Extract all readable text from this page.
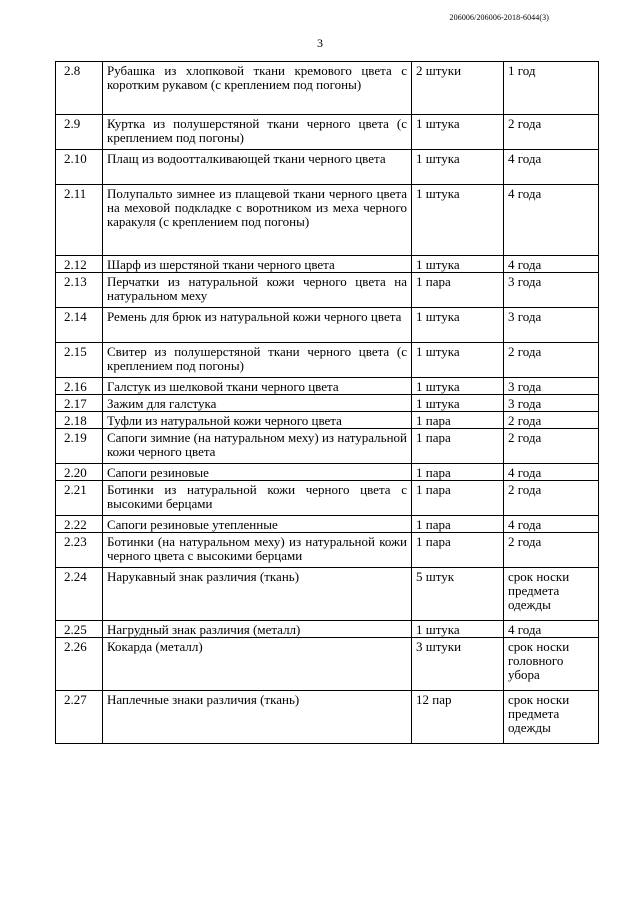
206006/206006-2018-6044(3)
3
2.8	Рубашка из хлопковой ткани кремового цвета с коротким рукавом (с креплением под погоны)	2 штуки	1 год
2.9	Куртка из полушерстяной ткани черного цвета (с креплением под погоны)	1 штука	2 года
2.10	Плащ из водоотталкивающей ткани черного цвета	1 штука	4 года
2.11	Полупальто зимнее из плащевой ткани черного цвета на меховой подкладке с воротником из меха черного каракуля (с креплением под погоны)	1 штука	4 года
2.12	Шарф из шерстяной ткани черного цвета	1 штука	4 года
2.13	Перчатки из натуральной кожи черного цвета на натуральном меху	1 пара	3 года
2.14	Ремень для брюк из натуральной кожи черного цвета	1 штука	3 года
2.15	Свитер из полушерстяной ткани черного цвета (с креплением под погоны)	1 штука	2 года
2.16	Галстук из шелковой ткани черного цвета	1 штука	3 года
2.17	Зажим для галстука	1 штука	3 года
2.18	Туфли из натуральной кожи черного цвета	1 пара	2 года
2.19	Сапоги зимние (на натуральном меху) из натуральной кожи черного цвета	1 пара	2 года
2.20	Сапоги резиновые	1 пара	4 года
2.21	Ботинки из натуральной кожи черного цвета с высокими берцами	1 пара	2 года
2.22	Сапоги резиновые утепленные	1 пара	4 года
2.23	Ботинки (на натуральном меху) из натуральной кожи черного цвета с высокими берцами	1 пара	2 года
2.24	Нарукавный знак различия (ткань)	5 штук	срок носки предмета одежды
2.25	Нагрудный знак различия (металл)	1 штука	4 года
2.26	Кокарда (металл)	3 штуки	срок носки головного убора
2.27	Наплечные знаки различия (ткань)	12 пар	срок носки предмета одежды
